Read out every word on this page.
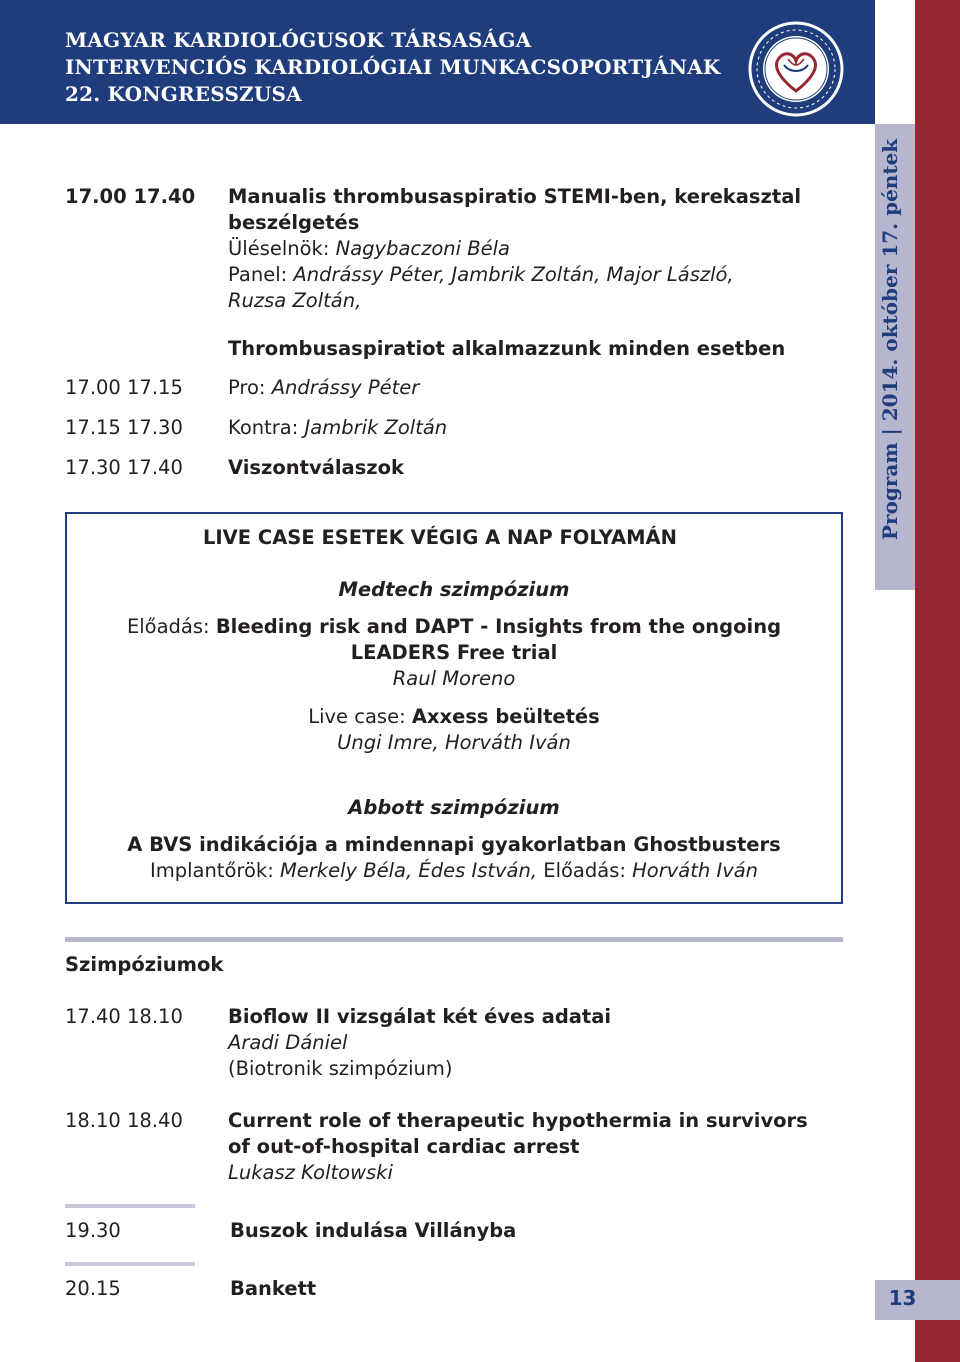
MAGYAR KARDIOLÓGUSOK TÁRSASÁGA
INTERVENCIÓS KARDIOLÓGIAI MUNKACSOPORTJÁNAK
22. KONGRESSZUSA
Program | 2014. október 17. péntek
13
17.00 17.40 Manualis thrombusaspiratio STEMI-ben, kerekasztal
beszélgetés
Üléselnök: Nagybaczoni Béla
Panel: Andrássy Péter, Jambrik Zoltán, Major László,
Ruzsa Zoltán,
Thrombusaspiratiot alkalmazzunk minden esetben
17.00 17.15 Pro: Andrássy Péter
17.15 17.30 Kontra: Jambrik Zoltán
17.30 17.40 Viszontválaszok
LIVE CASE ESETEK VÉGIG A NAP FOLYAMÁN
Medtech szimpózium
Előadás: Bleeding risk and DAPT - Insights from the ongoing
LEADERS Free trial
Raul Moreno
Live case: Axxess beültetés
Ungi Imre, Horváth Iván
Abbott szimpózium
A BVS indikációja a mindennapi gyakorlatban Ghostbusters
Implantőrök: Merkely Béla, Édes István, Előadás: Horváth Iván
Szimpóziumok
17.40 18.10 Bioflow II vizsgálat két éves adatai
Aradi Dániel
(Biotronik szimpózium)
18.10 18.40 Current role of therapeutic hypothermia in survivors
of out-of-hospital cardiac arrest
Lukasz Koltowski
19.30	Buszok indulása Villányba
20.15	Bankett
